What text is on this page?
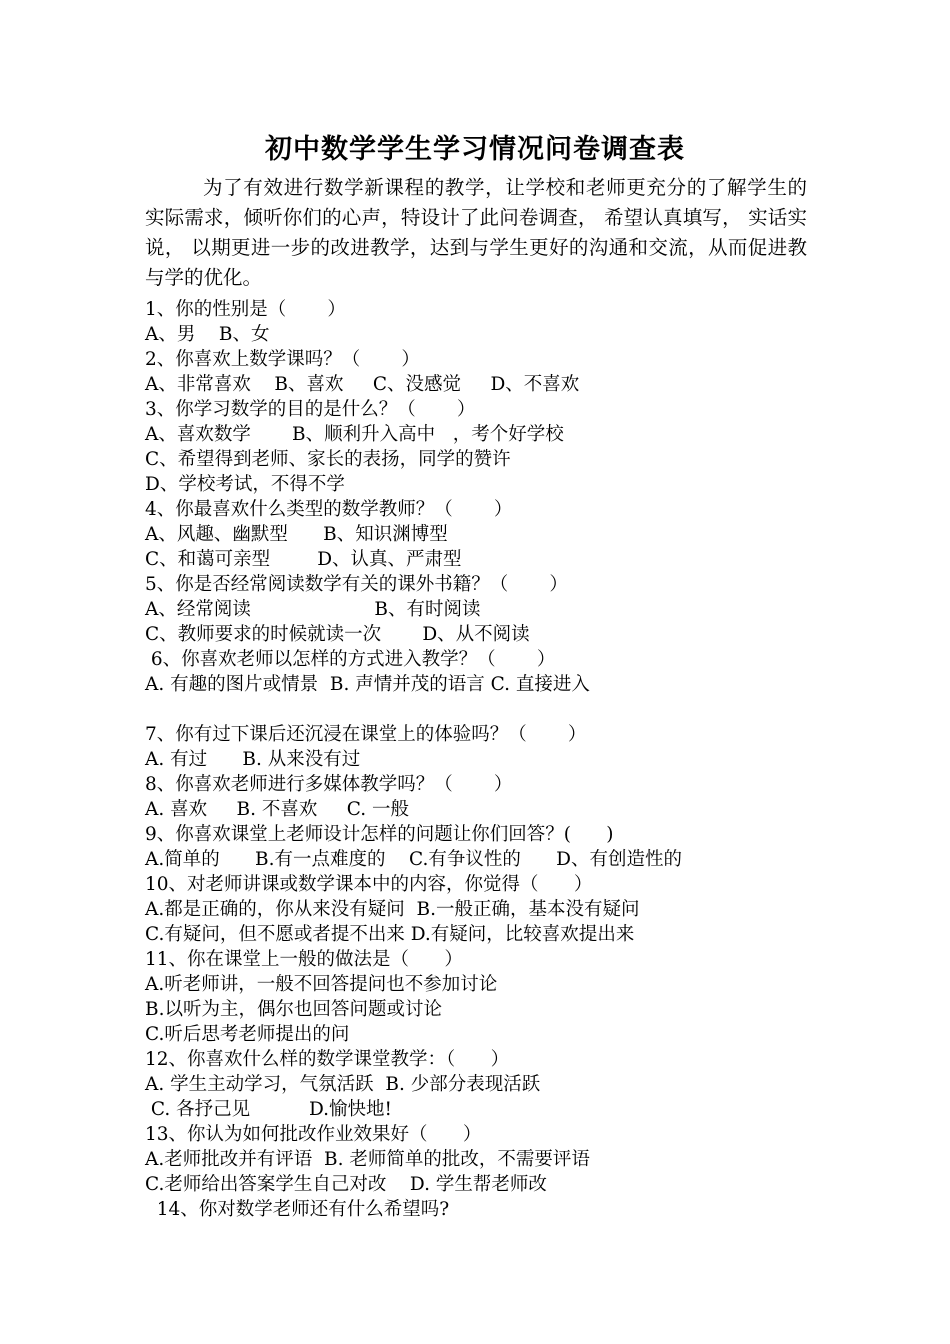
初中数学学生学习情况问卷调查表

为了有效进行数学新课程的教学，让学校和老师更充分的了解学生的实际需求，倾听你们的心声，特设计了此问卷调查， 希望认真填写， 实话实说， 以期更进一步的改进教学，达到与学生更好的沟通和交流，从而促进教与学的优化。

1、你的性别是（       ）
A、男    B、女
2、你喜欢上数学课吗？（       ）
A、非常喜欢    B、喜欢     C、没感觉     D、不喜欢
3、你学习数学的目的是什么？（       ）
A、喜欢数学       B、顺利升入高中   ，考个好学校
C、希望得到老师、家长的表扬，同学的赞许
D、学校考试，不得不学
4、你最喜欢什么类型的数学教师？（       ）
A、风趣、幽默型      B、知识渊博型
C、和蔼可亲型        D、认真、严肃型
5、你是否经常阅读数学有关的课外书籍？（       ）
A、经常阅读                     B、有时阅读
C、教师要求的时候就读一次       D、从不阅读
6、你喜欢老师以怎样的方式进入教学？（       ）
A. 有趣的图片或情景  B. 声情并茂的语言 C. 直接进入
7、你有过下课后还沉浸在课堂上的体验吗？（       ）
A. 有过      B. 从来没有过
8、你喜欢老师进行多媒体教学吗？（       ）
A. 喜欢     B. 不喜欢     C. 一般
9、你喜欢课堂上老师设计怎样的问题让你们回答？(      )
A.简单的      B.有一点难度的    C.有争议性的      D、有创造性的
10、对老师讲课或数学课本中的内容，你觉得（      ）
A.都是正确的，你从来没有疑问  B.一般正确，基本没有疑问
C.有疑问，但不愿或者提不出来 D.有疑问，比较喜欢提出来
11、你在课堂上一般的做法是（      ）
A.听老师讲，一般不回答提问也不参加讨论
B.以听为主，偶尔也回答问题或讨论
C.听后思考老师提出的问
12、你喜欢什么样的数学课堂教学：（      ）
A. 学生主动学习，气氛活跃  B. 少部分表现活跃
C. 各抒己见          D.愉快地!
13、你认为如何批改作业效果好（      ）
A.老师批改并有评语  B. 老师简单的批改，不需要评语
C.老师给出答案学生自己对改    D. 学生帮老师改
14、你对数学老师还有什么希望吗?
